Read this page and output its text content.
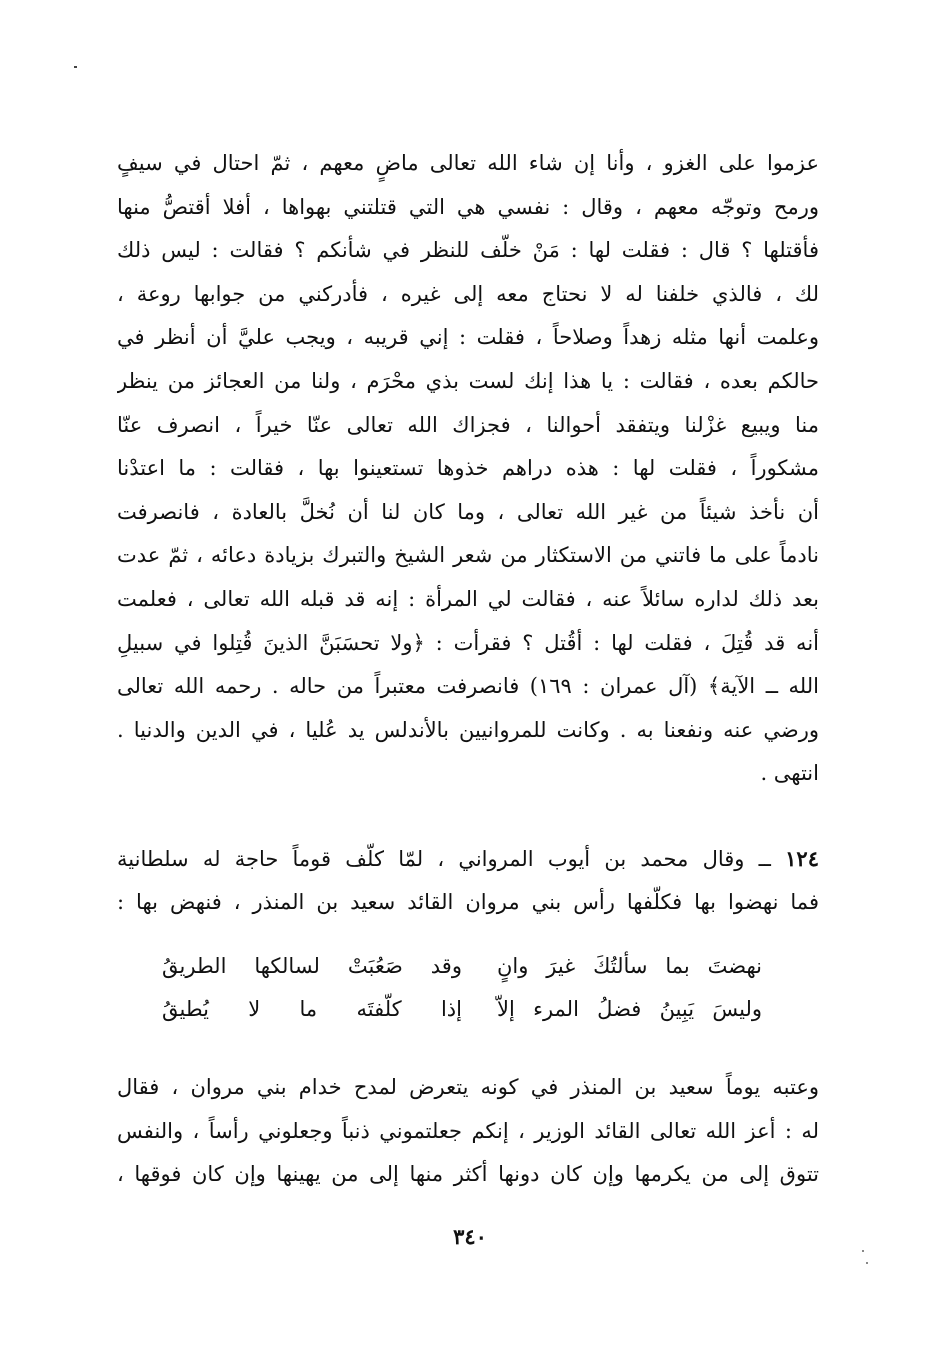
عزموا على الغزو ، وأنا إن شاء الله تعالى ماضٍ معهم ، ثمّ احتال في سيفٍ
ورمح وتوجّه معهم ، وقال : نفسي هي التي قتلتني بهواها ، أفلا أقتصُّ منها
فأقتلها ؟ قال : فقلت لها : مَنْ خلّف للنظر في شأنكم ؟ فقالت : ليس ذلك
لك ، فالذي خلفنا له لا نحتاج معه إلى غيره ، فأدركني من جوابها روعة ،
وعلمت أنها مثله زهداً وصلاحاً ، فقلت : إني قريبه ، ويجب عليَّ أن أنظر في
حالكم بعده ، فقالت : يا هذا إنك لست بذي محْرَم ، ولنا من العجائز من ينظر
منا ويبيع غزْلنا ويتفقد أحوالنا ، فجزاك الله تعالى عنّا خيراً ، انصرف عنّا
مشكوراً ، فقلت لها : هذه دراهم خذوها تستعينوا بها ، فقالت : ما اعتدْنا
أن نأخذ شيئاً من غير الله تعالى ، وما كان لنا أن نُخلَّ بالعادة ، فانصرفت
نادماً على ما فاتني من الاستكثار من شعر الشيخ والتبرك بزيادة دعائه ، ثمّ عدت
بعد ذلك لداره سائلاً عنه ، فقالت لي المرأة : إنه قد قبله الله تعالى ، فعلمت
أنه قد قُتِلَ ، فقلت لها : أقُتل ؟ فقرأت : ﴿ولا تحسَبَنَّ الذينَ قُتِلوا في سبيلِ
الله ــ الآية﴾ (آل عمران : ١٦٩) فانصرفت معتبراً من حاله . رحمه الله تعالى
ورضي عنه ونفعنا به . وكانت للمروانيين بالأندلس يد عُليا ، في الدين والدنيا .
انتهى .
١٢٤ ــ وقال محمد بن أيوب المرواني ، لمّا كلّف قوماً حاجة له سلطانية
فما نهضوا بها فكلّفها رأس بني مروان القائد سعيد بن المنذر ، فنهض بها :
نهضتَ بما سألتُكَ غيرَ وانٍ
وقد صَعُبَتْ لسالكها الطريقُ
وليسَ يَبِينُ فضلُ المرء إلاّ
إذا كلّفتَه ما لا يُطيقُ
وعتبه يوماً سعيد بن المنذر في كونه يتعرض لمدح خدام بني مروان ، فقال
له : أعز الله تعالى القائد الوزير ، إنكم جعلتموني ذنباً وجعلوني رأساً ، والنفس
تتوق إلى من يكرمها وإن كان دونها أكثر منها إلى من يهينها وإن كان فوقها ،
٣٤٠
